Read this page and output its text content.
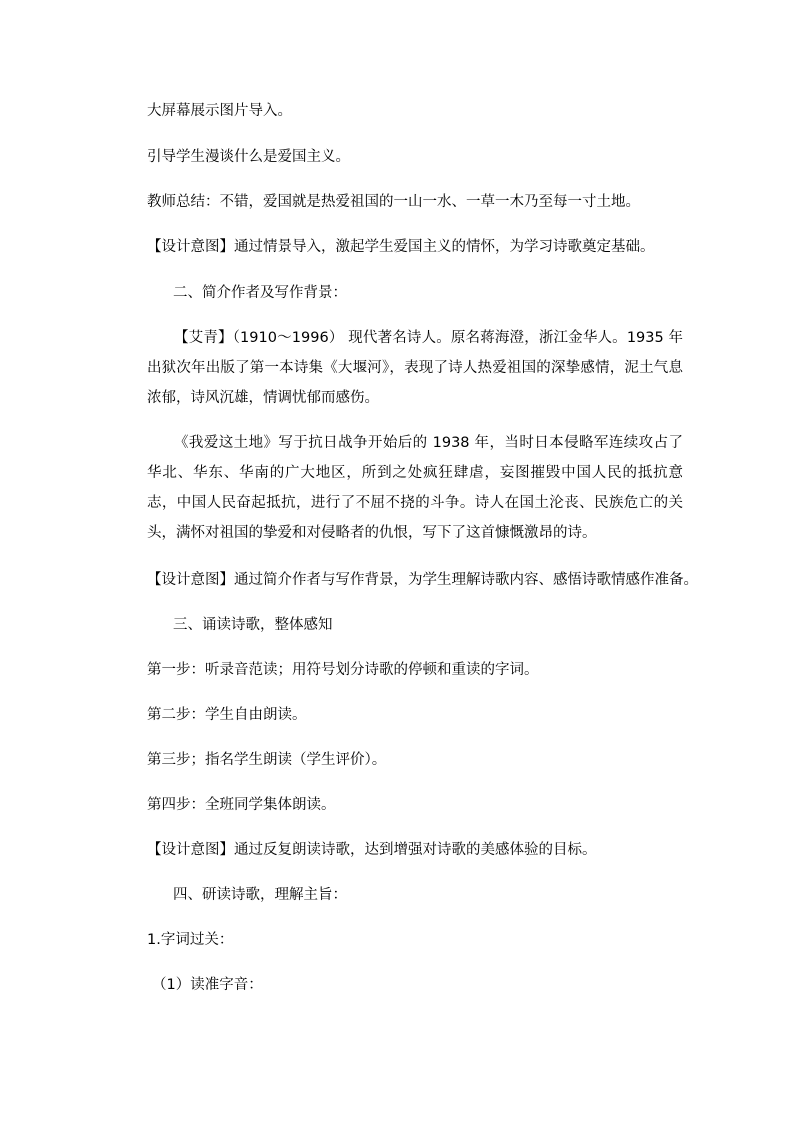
大屏幕展示图片导入。

引导学生漫谈什么是爱国主义。

教师总结：不错，爱国就是热爱祖国的一山一水、一草一木乃至每一寸土地。

【设计意图】通过情景导入，激起学生爱国主义的情怀，为学习诗歌奠定基础。

二、简介作者及写作背景：

【艾青】（1910～1996） 现代著名诗人。原名蒋海澄，浙江金华人。1935 年出狱次年出版了第一本诗集《大堰河》，表现了诗人热爱祖国的深挚感情，泥土气息浓郁，诗风沉雄，情调忧郁而感伤。

《我爱这土地》写于抗日战争开始后的 1938 年，当时日本侵略军连续攻占了华北、华东、华南的广大地区，所到之处疯狂肆虐，妄图摧毁中国人民的抵抗意志，中国人民奋起抵抗，进行了不屈不挠的斗争。诗人在国土沦丧、民族危亡的关头，满怀对祖国的挚爱和对侵略者的仇恨，写下了这首慷慨激昂的诗。

【设计意图】通过简介作者与写作背景，为学生理解诗歌内容、感悟诗歌情感作准备。

三、诵读诗歌，整体感知

第一步：听录音范读；用符号划分诗歌的停顿和重读的字词。

第二步：学生自由朗读。

第三步；指名学生朗读（学生评价）。

第四步：全班同学集体朗读。

【设计意图】通过反复朗读诗歌，达到增强对诗歌的美感体验的目标。

四、研读诗歌，理解主旨：

1.字词过关：

（1）读准字音：
